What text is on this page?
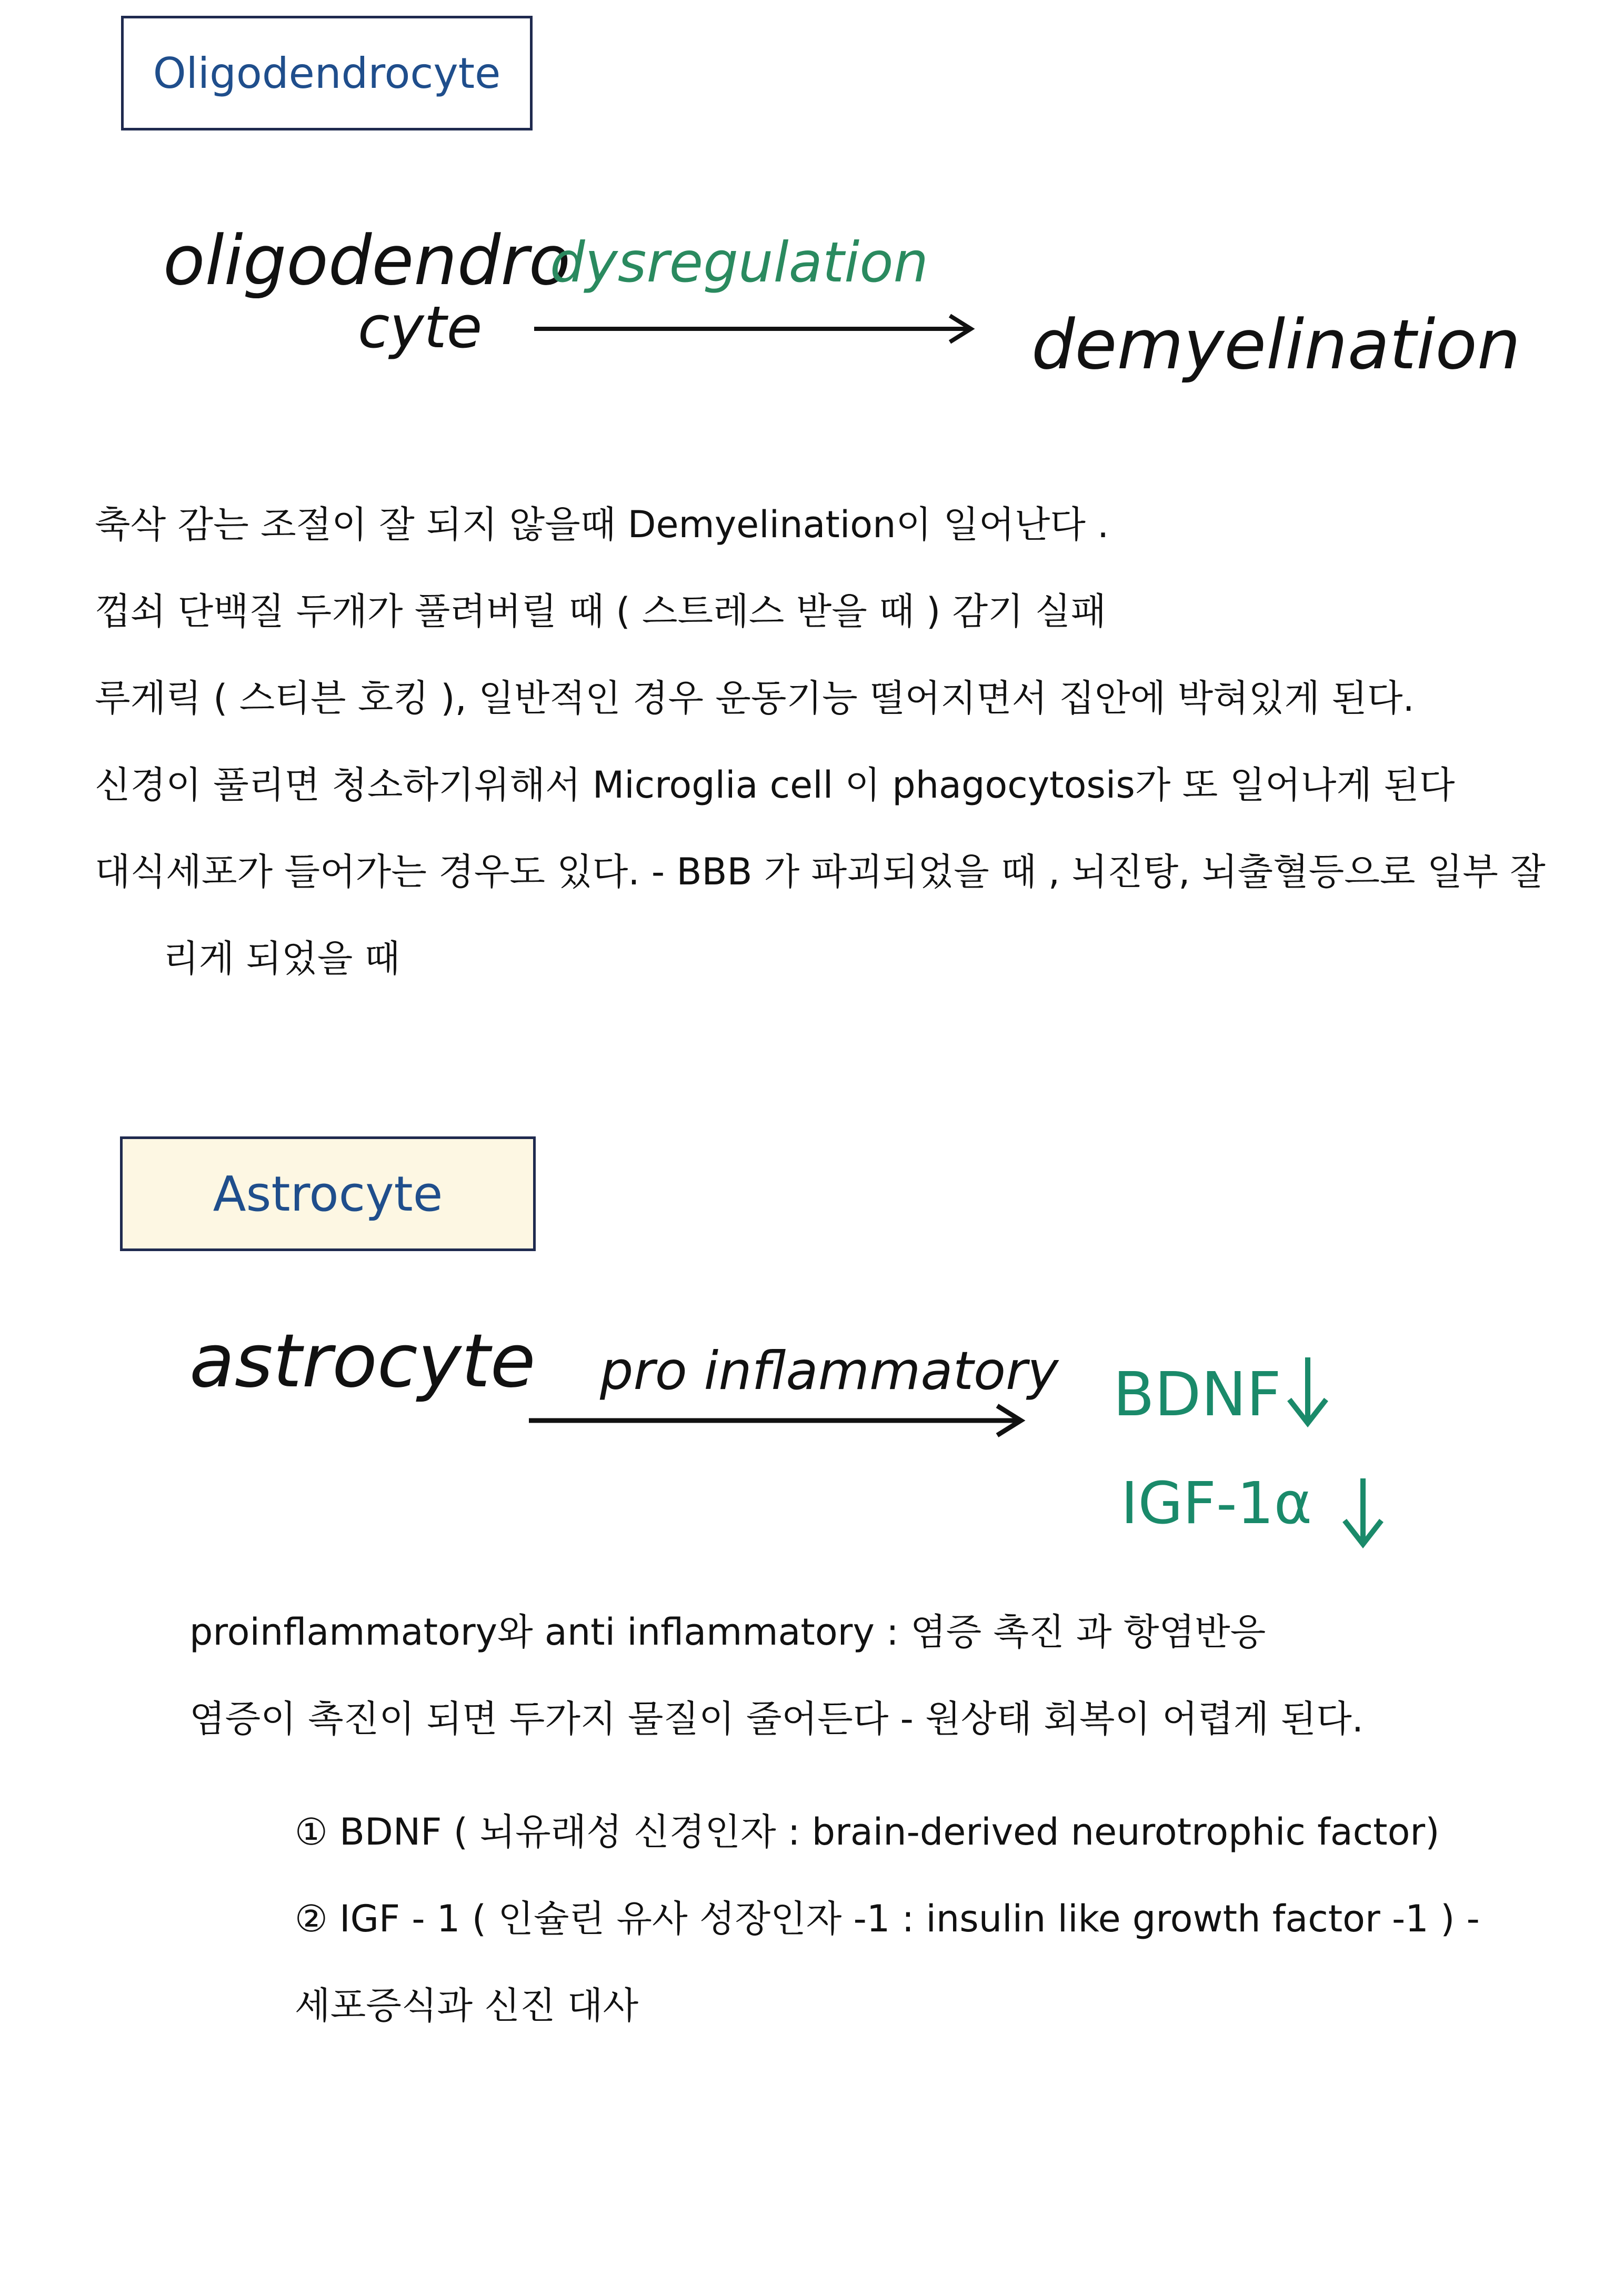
Oligodendrocyte
oligodendro
cyte
dysregulation
demyelination
축삭 감는 조절이 잘 되지 않을때 Demyelination이 일어난다 .
껍쇠 단백질 두개가 풀려버릴 때 ( 스트레스 받을 때 ) 감기 실패
루게릭 ( 스티븐 호킹 ), 일반적인 경우 운동기능 떨어지면서 집안에 박혀있게 된다.
신경이 풀리면 청소하기위해서 Microglia cell 이 phagocytosis가 또 일어나게 된다
대식세포가 들어가는 경우도 있다. - BBB 가 파괴되었을 때 , 뇌진탕, 뇌출혈등으로 일부 잘
리게 되었을 때
Astrocyte
astrocyte pro inflammatory BDNF
IGF-1α
proinflammatory와 anti inflammatory : 염증 촉진 과 항염반응
염증이 촉진이 되면 두가지 물질이 줄어든다 - 원상태 회복이 어렵게 된다.
① BDNF ( 뇌유래성 신경인자 : brain-derived neurotrophic factor)
② IGF - 1 ( 인슐린 유사 성장인자 -1 : insulin like growth factor -1 ) -
세포증식과 신진 대사
